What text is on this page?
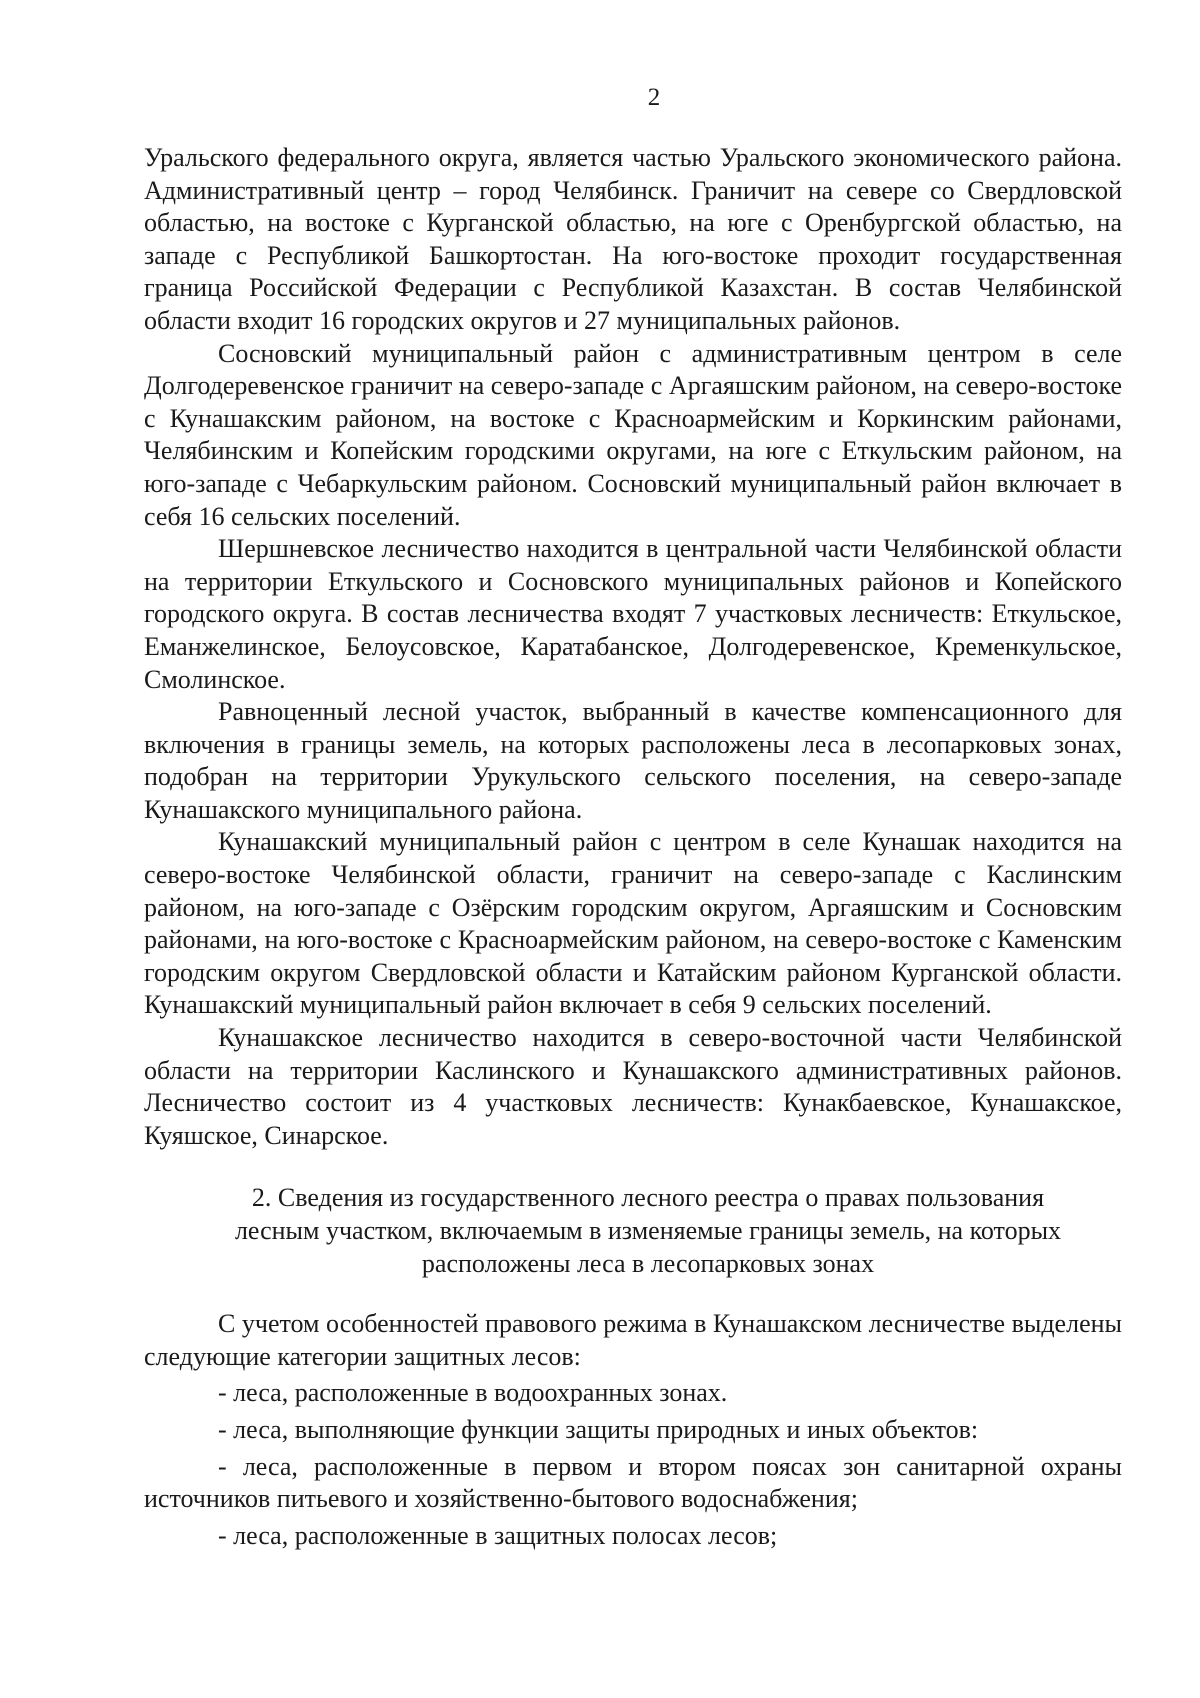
2

Уральского федерального округа, является частью Уральского экономического района. Административный центр – город Челябинск. Граничит на севере со Свердловской областью, на востоке с Курганской областью, на юге с Оренбургской областью, на западе с Республикой Башкортостан. На юго-востоке проходит государственная граница Российской Федерации с Республикой Казахстан. В состав Челябинской области входит 16 городских округов и 27 муниципальных районов.

Сосновский муниципальный район с административным центром в селе Долгодеревенское граничит на северо-западе с Аргаяшским районом, на северо-востоке с Кунашакским районом, на востоке с Красноармейским и Коркинским районами, Челябинским и Копейским городскими округами, на юге с Еткульским районом, на юго-западе с Чебаркульским районом. Сосновский муниципальный район включает в себя 16 сельских поселений.

Шершневское лесничество находится в центральной части Челябинской области на территории Еткульского и Сосновского муниципальных районов и Копейского городского округа. В состав лесничества входят 7 участковых лесничеств: Еткульское, Еманжелинское, Белоусовское, Каратабанское, Долгодеревенское, Кременкульское, Смолинское.

Равноценный лесной участок, выбранный в качестве компенсационного для включения в границы земель, на которых расположены леса в лесопарковых зонах, подобран на территории Урукульского сельского поселения, на северо-западе Кунашакского муниципального района.

Кунашакский муниципальный район с центром в селе Кунашак находится на северо-востоке Челябинской области, граничит на северо-западе с Каслинским районом, на юго-западе с Озёрским городским округом, Аргаяшским и Сосновским районами, на юго-востоке с Красноармейским районом, на северо-востоке с Каменским городским округом Свердловской области и Катайским районом Курганской области. Кунашакский муниципальный район включает в себя 9 сельских поселений.

Кунашакское лесничество находится в северо-восточной части Челябинской области на территории Каслинского и Кунашакского административных районов. Лесничество состоит из 4 участковых лесничеств: Кунакбаевское, Кунашакское, Куяшское, Синарское.

2. Сведения из государственного лесного реестра о правах пользования
лесным участком, включаемым в изменяемые границы земель, на которых
расположены леса в лесопарковых зонах

С учетом особенностей правового режима в Кунашакском лесничестве выделены следующие категории защитных лесов:

- леса, расположенные в водоохранных зонах.

- леса, выполняющие функции защиты природных и иных объектов:

- леса, расположенные в первом и втором поясах зон санитарной охраны источников питьевого и хозяйственно-бытового водоснабжения;

- леса, расположенные в защитных полосах лесов;
